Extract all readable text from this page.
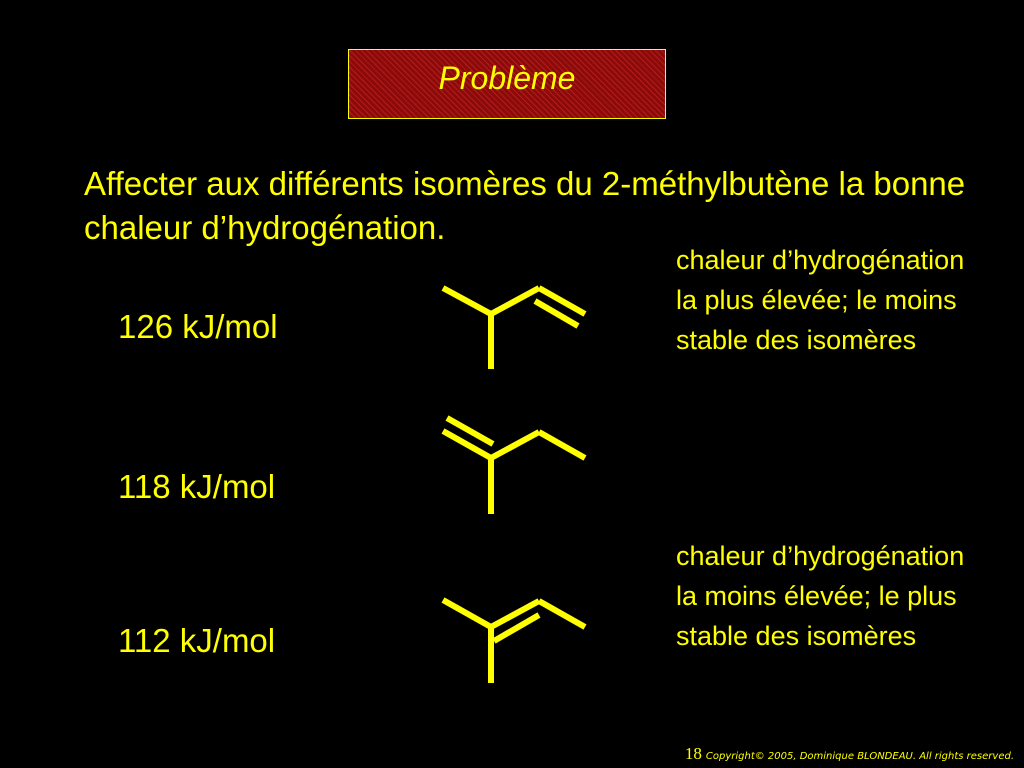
Problème
Affecter aux différents isomères du 2-méthylbutène la bonne chaleur d’hydrogénation.
126 kJ/mol
118 kJ/mol
112 kJ/mol
chaleur d’hydrogénation la plus élevée; le moins stable des isomères
chaleur d’hydrogénation la moins élevée; le plus stable des isomères
18 Copyright© 2005, Dominique BLONDEAU. All rights reserved.
